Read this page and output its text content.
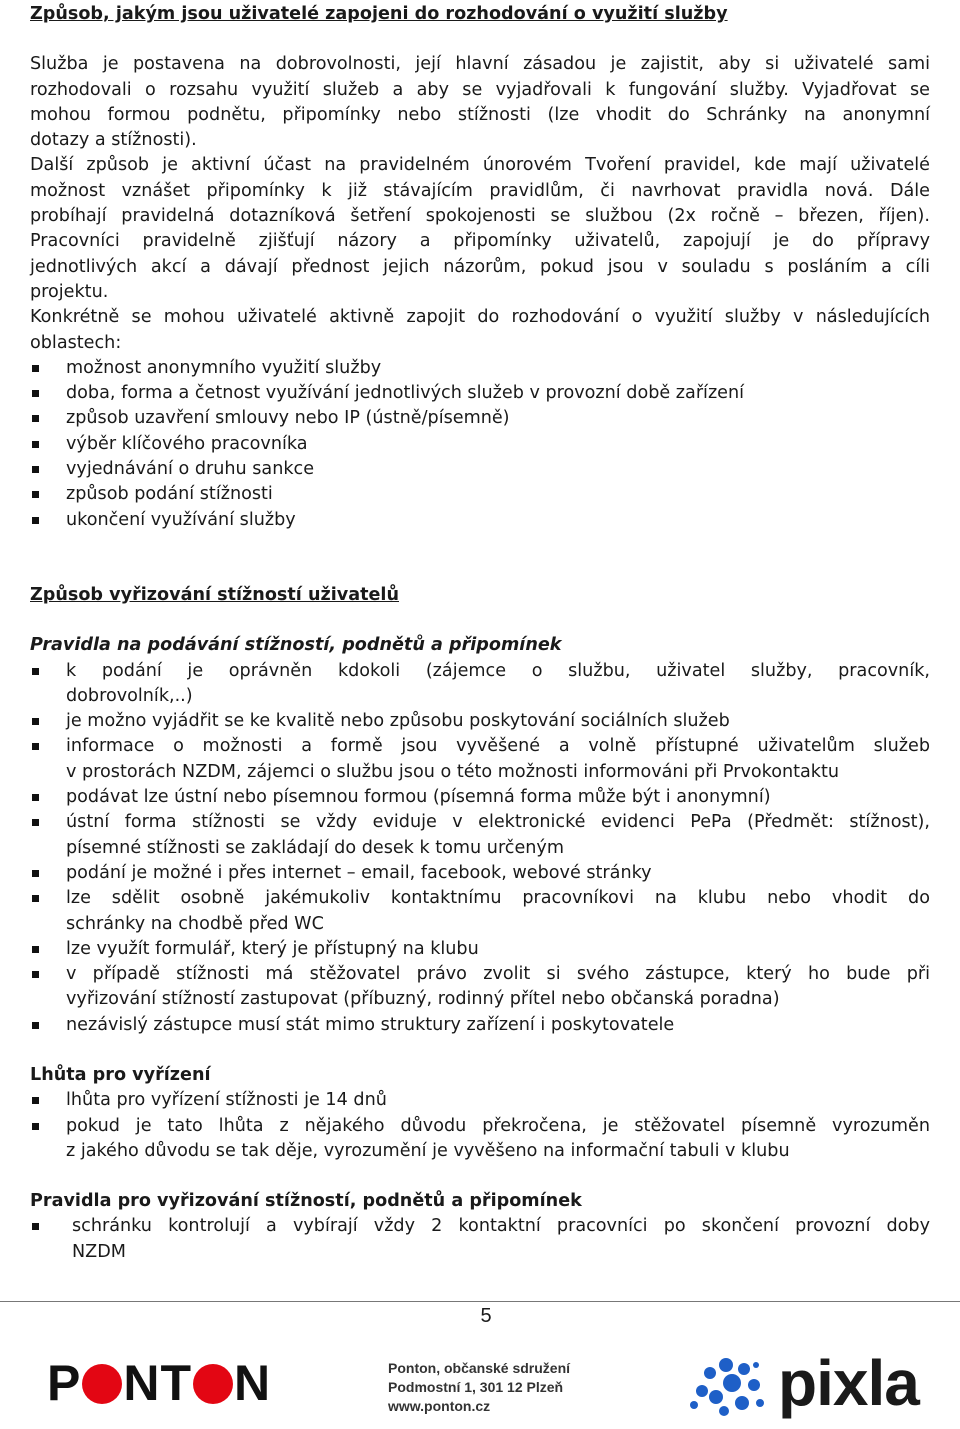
Způsob, jakým jsou uživatelé zapojeni do rozhodování o využití služby
Služba je postavena na dobrovolnosti, její hlavní zásadou je zajistit, aby si uživatelé sami
rozhodovali o rozsahu využití služeb a aby se vyjadřovali k fungování služby. Vyjadřovat se
mohou formou podnětu, připomínky nebo stížnosti (lze vhodit do Schránky na anonymní
dotazy a stížnosti).
Další způsob je aktivní účast na pravidelném únorovém Tvoření pravidel, kde mají uživatelé
možnost vznášet připomínky k již stávajícím pravidlům, či navrhovat pravidla nová. Dále
probíhají pravidelná dotazníková šetření spokojenosti se službou (2x ročně – březen, říjen).
Pracovníci pravidelně zjišťují názory a připomínky uživatelů, zapojují je do přípravy
jednotlivých akcí a dávají přednost jejich názorům, pokud jsou v souladu s posláním a cíli
projektu.
Konkrétně se mohou uživatelé aktivně zapojit do rozhodování o využití služby v následujících
oblastech:
možnost anonymního využití služby
doba, forma a četnost využívání jednotlivých služeb v provozní době zařízení
způsob uzavření smlouvy nebo IP (ústně/písemně)
výběr klíčového pracovníka
vyjednávání o druhu sankce
způsob podání stížnosti
ukončení využívání služby
Způsob vyřizování stížností uživatelů
Pravidla na podávání stížností, podnětů a připomínek
k podání je oprávněn kdokoli (zájemce o službu, uživatel služby, pracovník,
dobrovolník,..)
je možno vyjádřit se ke kvalitě nebo způsobu poskytování sociálních služeb
informace o možnosti a formě jsou vyvěšené a volně přístupné uživatelům služeb
v prostorách NZDM, zájemci o službu jsou o této možnosti informováni při Prvokontaktu
podávat lze ústní nebo písemnou formou (písemná forma může být i anonymní)
ústní forma stížnosti se vždy eviduje v elektronické evidenci PePa (Předmět: stížnost),
písemné stížnosti se zakládají do desek k tomu určeným
podání je možné i přes internet – email, facebook, webové stránky
lze sdělit osobně jakémukoliv kontaktnímu pracovníkovi na klubu nebo vhodit do
schránky na chodbě před WC
lze využít formulář, který je přístupný na klubu
v případě stížnosti má stěžovatel právo zvolit si svého zástupce, který ho bude při
vyřizování stížností zastupovat (příbuzný, rodinný přítel nebo občanská poradna)
nezávislý zástupce musí stát mimo struktury zařízení i poskytovatele
Lhůta pro vyřízení
lhůta pro vyřízení stížnosti je 14 dnů
pokud je tato lhůta z nějakého důvodu překročena, je stěžovatel písemně vyrozuměn
z jakého důvodu se tak děje, vyrozumění je vyvěšeno na informační tabuli v klubu
Pravidla pro vyřizování stížností, podnětů a připomínek
schránku kontrolují a vybírají vždy 2 kontaktní pracovníci po skončení provozní doby
NZDM
5
P NT N	Ponton, občanské sdružení
Podmostní 1, 301 12 Plzeň
www.ponton.cz	pixla
